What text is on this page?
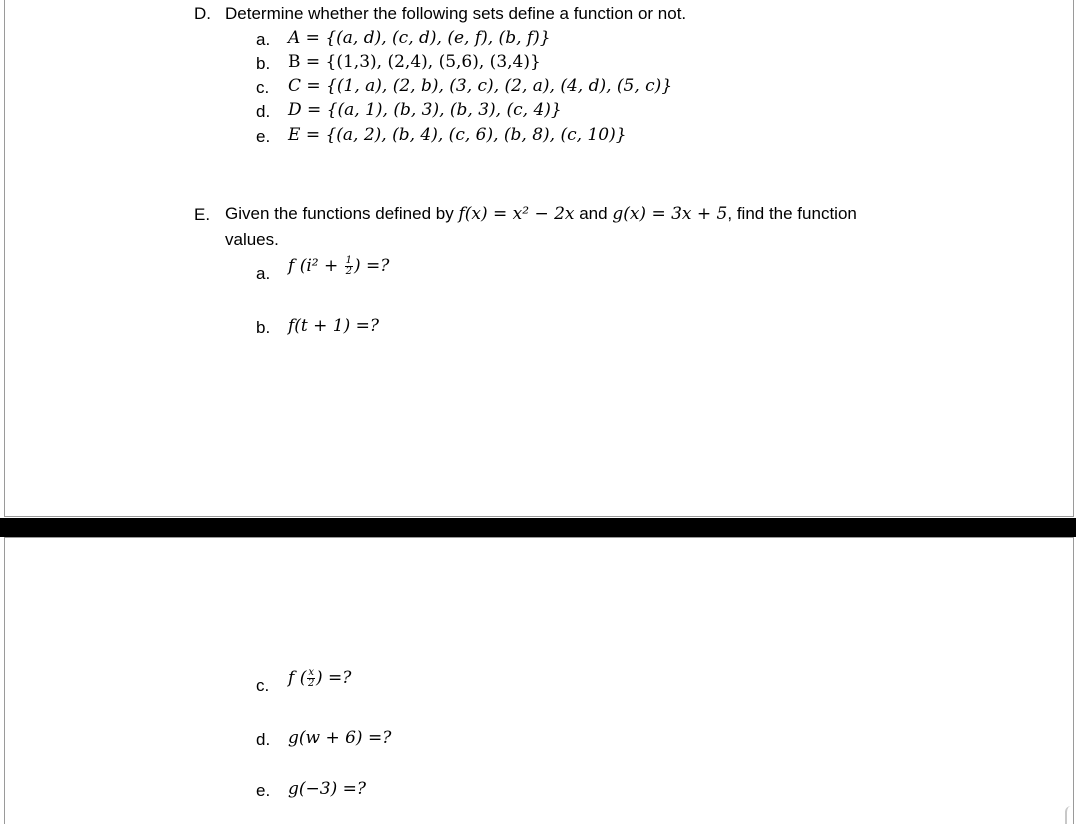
D. Determine whether the following sets define a function or not.
a. A = {(a, d), (c, d), (e, f), (b, f)}
b. B = {(1,3), (2,4), (5,6), (3,4)}
c. C = {(1, a), (2, b), (3, c), (2, a), (4, d), (5, c)}
d. D = {(a, 1), (b, 3), (b, 3), (c, 4)}
e. E = {(a, 2), (b, 4), (c, 6), (b, 8), (c, 10)}
E. Given the functions defined by f(x) = x² − 2x and g(x) = 3x + 5, find the function
values.
a. f ($i^2 + \frac{1}{2}$ ) =?
b. f(t + 1) =?
c. f ( $\frac{x}{2}$ ) =?
d. g(w + 6) =?
e. g(−3) =?
